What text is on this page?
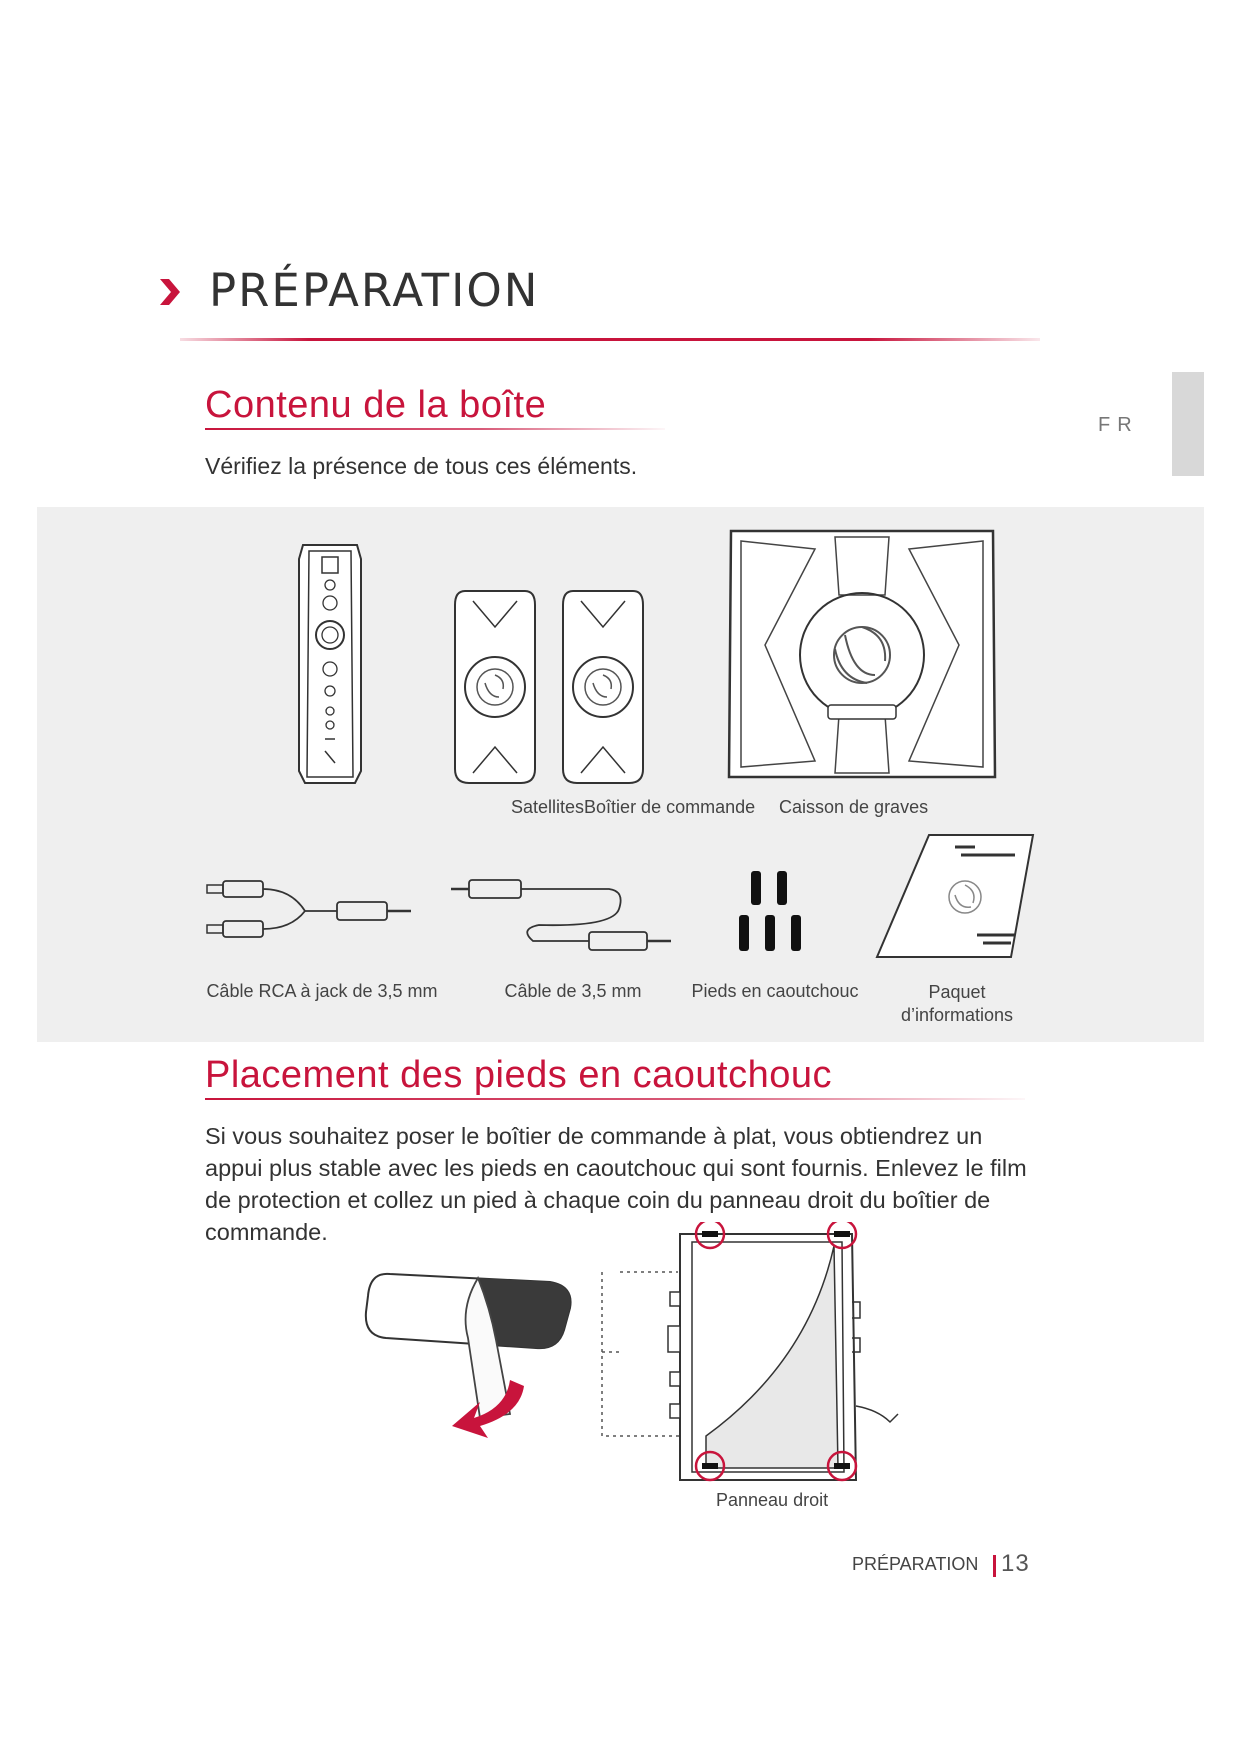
PRÉPARATION
FR
Contenu de la boîte
Vérifiez la présence de tous ces éléments.
SatellitesBoîtier de commande Caisson de graves
Câble RCA à jack de 3,5 mm	Câble de 3,5 mm	Pieds en caoutchouc	Paquet d’informations
Placement des pieds en caoutchouc
Si vous souhaitez poser le boîtier de commande à plat, vous obtiendrez un appui plus stable avec les pieds en caoutchouc qui sont fournis. Enlevez le film de protection et collez un pied à chaque coin du panneau droit du boîtier de commande.
Panneau droit
PRÉPARATION 13
